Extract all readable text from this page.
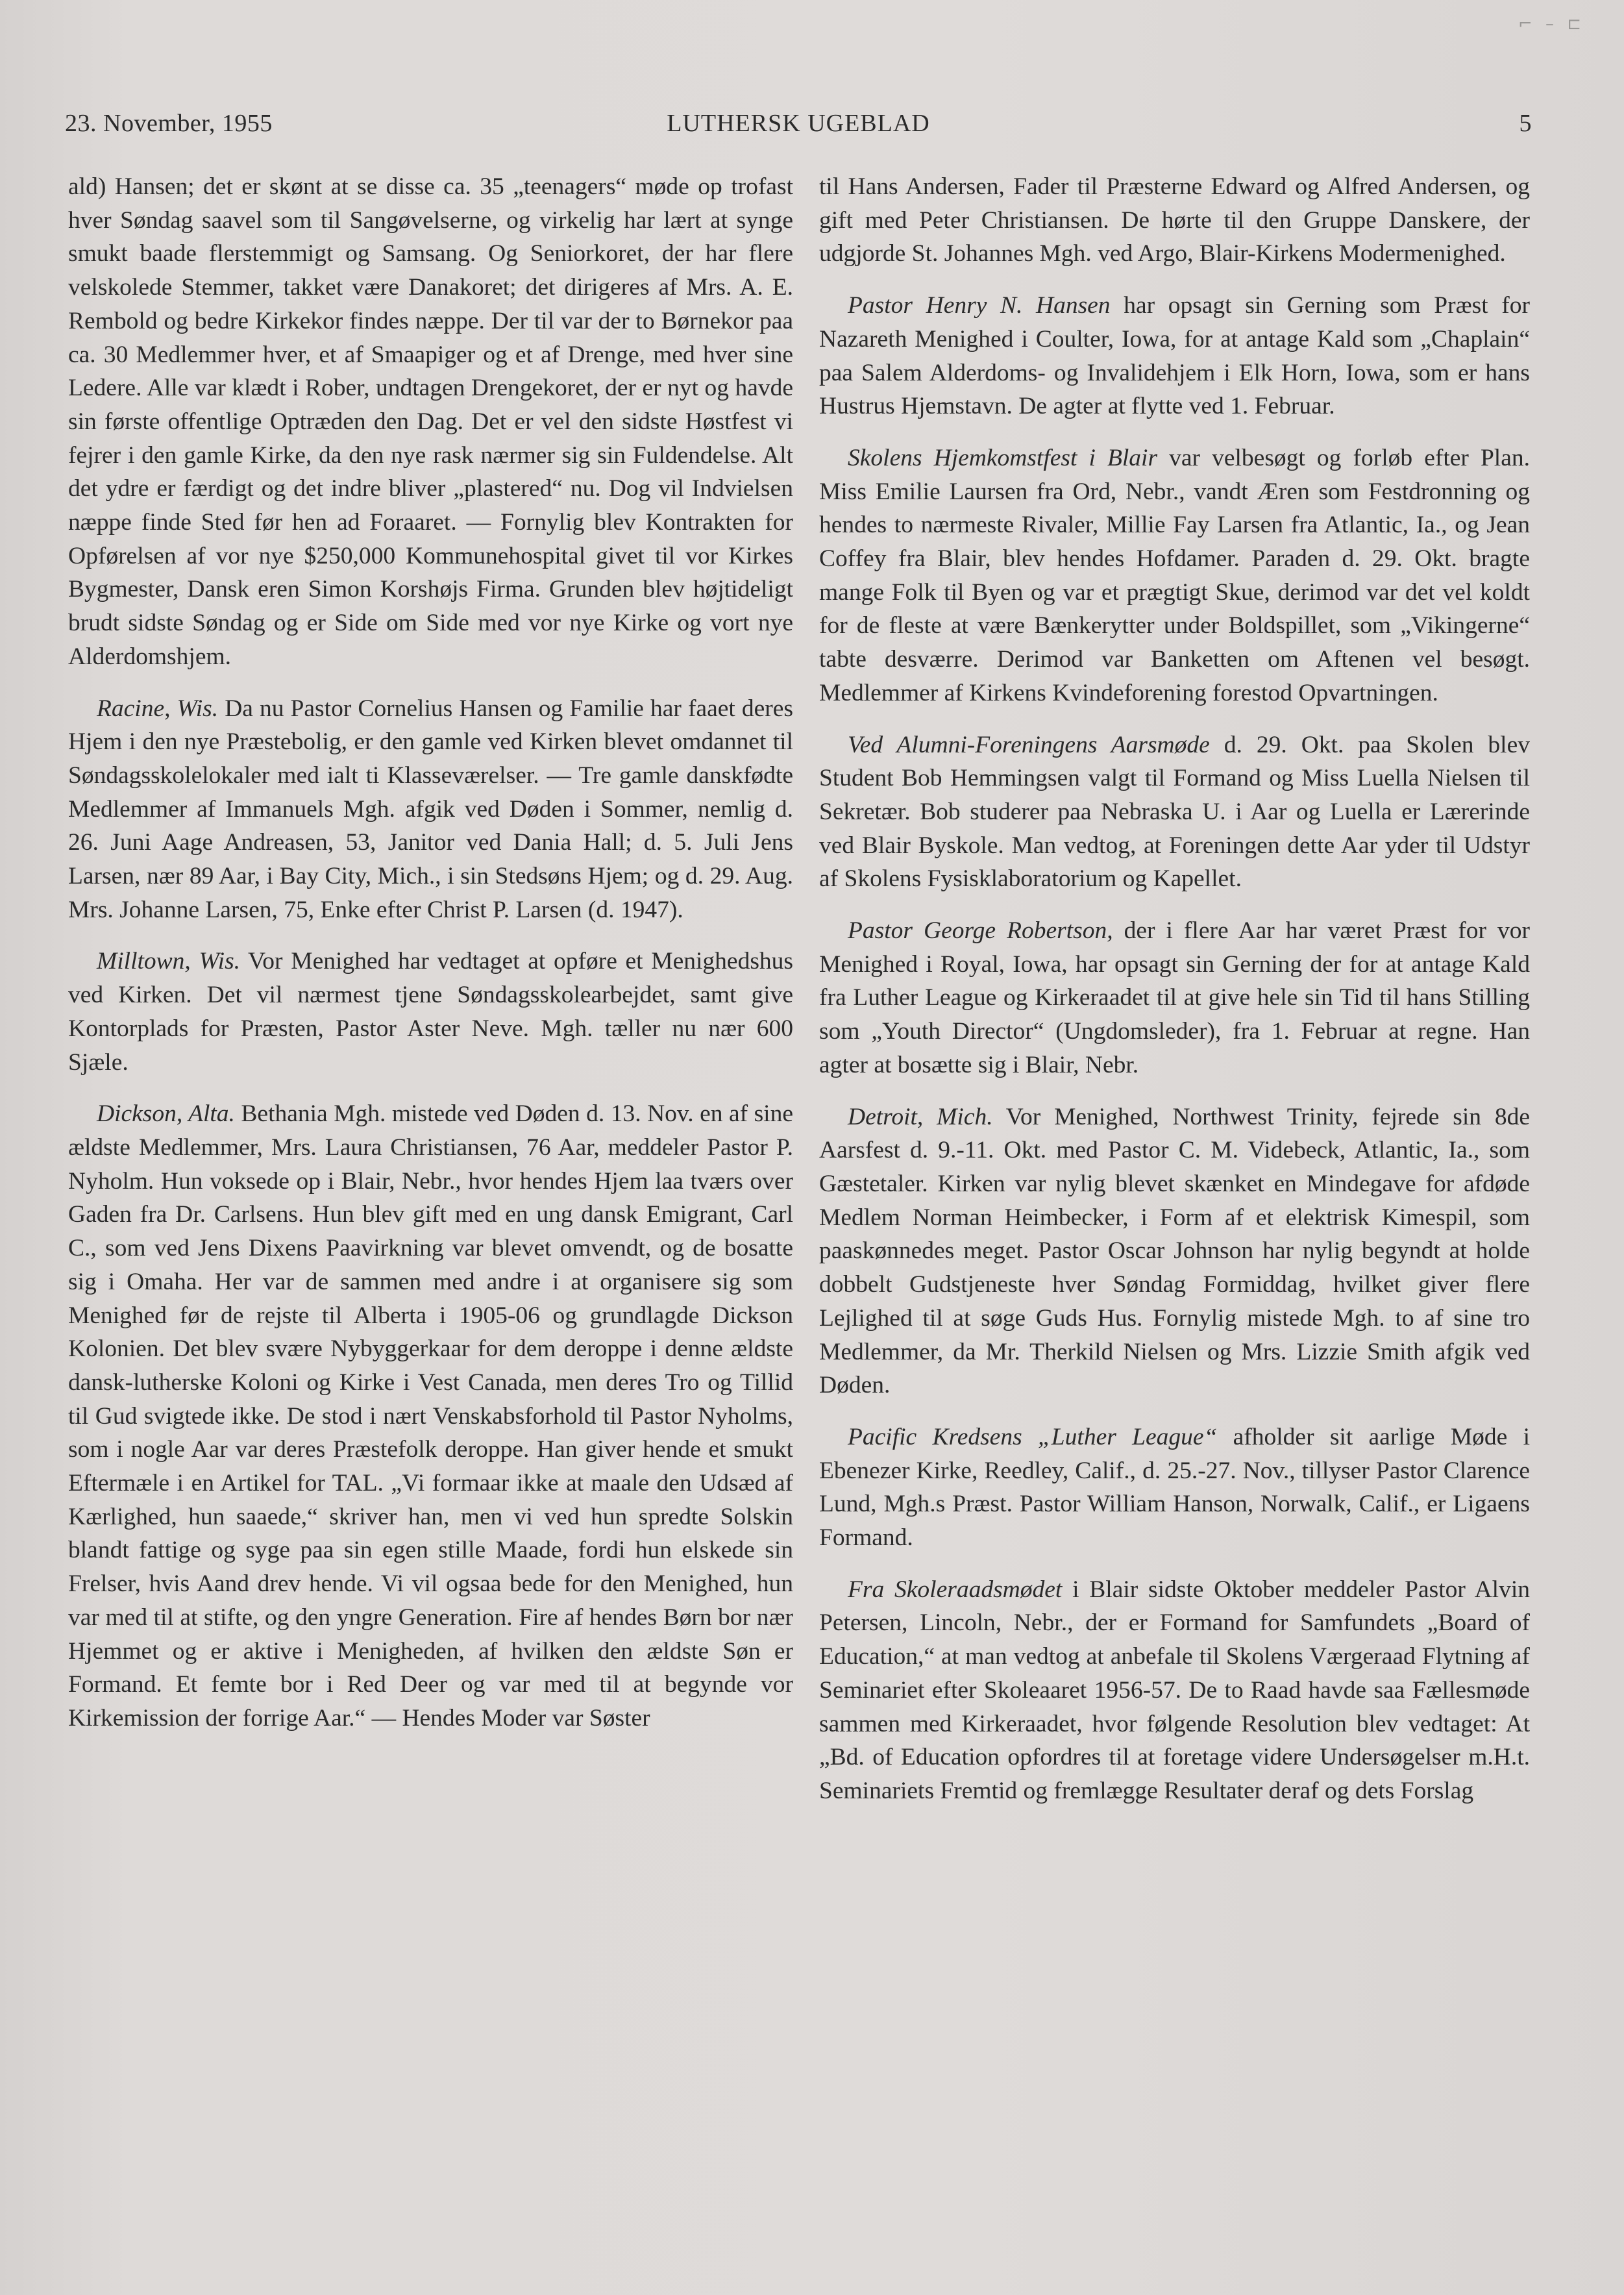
⌐ – ⊏
23. November, 1955	LUTHERSK UGEBLAD	5

ald) Hansen; det er skønt at se disse ca. 35 „teenagers“ møde op trofast hver Søndag saavel som til Sangøvelserne, og virkelig har lært at synge smukt baade flerstemmigt og Samsang. Og Seniorkoret, der har flere velskolede Stemmer, takket være Danakoret; det dirigeres af Mrs. A. E. Rembold og bedre Kirkekor findes næppe. Der til var der to Børnekor paa ca. 30 Medlemmer hver, et af Smaapiger og et af Drenge, med hver sine Ledere. Alle var klædt i Rober, undtagen Drengekoret, der er nyt og havde sin første offentlige Optræden den Dag. Det er vel den sidste Høstfest vi fejrer i den gamle Kirke, da den nye rask nærmer sig sin Fuldendelse. Alt det ydre er færdigt og det indre bliver „plastered“ nu. Dog vil Indvielsen næppe finde Sted før hen ad Foraaret. — Fornylig blev Kontrakten for Opførelsen af vor nye $250,000 Kommunehospital givet til vor Kirkes Bygmester, Dansk eren Simon Korshøjs Firma. Grunden blev højtideligt brudt sidste Søndag og er Side om Side med vor nye Kirke og vort nye Alderdomshjem.

Racine, Wis. Da nu Pastor Cornelius Hansen og Familie har faaet deres Hjem i den nye Præstebolig, er den gamle ved Kirken blevet omdannet til Søndagsskolelokaler med ialt ti Klasseværelser. — Tre gamle danskfødte Medlemmer af Immanuels Mgh. afgik ved Døden i Sommer, nemlig d. 26. Juni Aage Andreasen, 53, Janitor ved Dania Hall; d. 5. Juli Jens Larsen, nær 89 Aar, i Bay City, Mich., i sin Stedsøns Hjem; og d. 29. Aug. Mrs. Johanne Larsen, 75, Enke efter Christ P. Larsen (d. 1947).

Milltown, Wis. Vor Menighed har vedtaget at opføre et Menighedshus ved Kirken. Det vil nærmest tjene Søndagsskolearbejdet, samt give Kontorplads for Præsten, Pastor Aster Neve. Mgh. tæller nu nær 600 Sjæle.

Dickson, Alta. Bethania Mgh. mistede ved Døden d. 13. Nov. en af sine ældste Medlemmer, Mrs. Laura Christiansen, 76 Aar, meddeler Pastor P. Nyholm. Hun voksede op i Blair, Nebr., hvor hendes Hjem laa tværs over Gaden fra Dr. Carlsens. Hun blev gift med en ung dansk Emigrant, Carl C., som ved Jens Dixens Paavirkning var blevet omvendt, og de bosatte sig i Omaha. Her var de sammen med andre i at organisere sig som Menighed før de rejste til Alberta i 1905-06 og grundlagde Dickson Kolonien. Det blev svære Nybyggerkaar for dem deroppe i denne ældste dansk-lutherske Koloni og Kirke i Vest Canada, men deres Tro og Tillid til Gud svigtede ikke. De stod i nært Venskabsforhold til Pastor Nyholms, som i nogle Aar var deres Præstefolk deroppe. Han giver hende et smukt Eftermæle i en Artikel for TAL. „Vi formaar ikke at maale den Udsæd af Kærlighed, hun saaede,“ skriver han, men vi ved hun spredte Solskin blandt fattige og syge paa sin egen stille Maade, fordi hun elskede sin Frelser, hvis Aand drev hende. Vi vil ogsaa bede for den Menighed, hun var med til at stifte, og den yngre Generation. Fire af hendes Børn bor nær Hjemmet og er aktive i Menigheden, af hvilken den ældste Søn er Formand. Et femte bor i Red Deer og var med til at begynde vor Kirkemission der forrige Aar.“ — Hendes Moder var Søster

til Hans Andersen, Fader til Præsterne Edward og Alfred Andersen, og gift med Peter Christiansen. De hørte til den Gruppe Danskere, der udgjorde St. Johannes Mgh. ved Argo, Blair-Kirkens Modermenighed.

Pastor Henry N. Hansen har opsagt sin Gerning som Præst for Nazareth Menighed i Coulter, Iowa, for at antage Kald som „Chaplain“ paa Salem Alderdoms- og Invalidehjem i Elk Horn, Iowa, som er hans Hustrus Hjemstavn. De agter at flytte ved 1. Februar.

Skolens Hjemkomstfest i Blair var velbesøgt og forløb efter Plan. Miss Emilie Laursen fra Ord, Nebr., vandt Æren som Festdronning og hendes to nærmeste Rivaler, Millie Fay Larsen fra Atlantic, Ia., og Jean Coffey fra Blair, blev hendes Hofdamer. Paraden d. 29. Okt. bragte mange Folk til Byen og var et prægtigt Skue, derimod var det vel koldt for de fleste at være Bænkerytter under Boldspillet, som „Vikingerne“ tabte desværre. Derimod var Banketten om Aftenen vel besøgt. Medlemmer af Kirkens Kvindeforening forestod Opvartningen.

Ved Alumni-Foreningens Aarsmøde d. 29. Okt. paa Skolen blev Student Bob Hemmingsen valgt til Formand og Miss Luella Nielsen til Sekretær. Bob studerer paa Nebraska U. i Aar og Luella er Lærerinde ved Blair Byskole. Man vedtog, at Foreningen dette Aar yder til Udstyr af Skolens Fysisklaboratorium og Kapellet.

Pastor George Robertson, der i flere Aar har været Præst for vor Menighed i Royal, Iowa, har opsagt sin Gerning der for at antage Kald fra Luther League og Kirkeraadet til at give hele sin Tid til hans Stilling som „Youth Director“ (Ungdomsleder), fra 1. Februar at regne. Han agter at bosætte sig i Blair, Nebr.

Detroit, Mich. Vor Menighed, Northwest Trinity, fejrede sin 8de Aarsfest d. 9.-11. Okt. med Pastor C. M. Videbeck, Atlantic, Ia., som Gæstetaler. Kirken var nylig blevet skænket en Mindegave for afdøde Medlem Norman Heimbecker, i Form af et elektrisk Kimespil, som paaskønnedes meget. Pastor Oscar Johnson har nylig begyndt at holde dobbelt Gudstjeneste hver Søndag Formiddag, hvilket giver flere Lejlighed til at søge Guds Hus. Fornylig mistede Mgh. to af sine tro Medlemmer, da Mr. Therkild Nielsen og Mrs. Lizzie Smith afgik ved Døden.

Pacific Kredsens „Luther League“ afholder sit aarlige Møde i Ebenezer Kirke, Reedley, Calif., d. 25.-27. Nov., tillyser Pastor Clarence Lund, Mgh.s Præst. Pastor William Hanson, Norwalk, Calif., er Ligaens Formand.

Fra Skoleraadsmødet i Blair sidste Oktober meddeler Pastor Alvin Petersen, Lincoln, Nebr., der er Formand for Samfundets „Board of Education,“ at man vedtog at anbefale til Skolens Værgeraad Flytning af Seminariet efter Skoleaaret 1956-57. De to Raad havde saa Fællesmøde sammen med Kirkeraadet, hvor følgende Resolution blev vedtaget: At „Bd. of Education opfordres til at foretage videre Undersøgelser m.H.t. Seminariets Fremtid og fremlægge Resultater deraf og dets Forslag
